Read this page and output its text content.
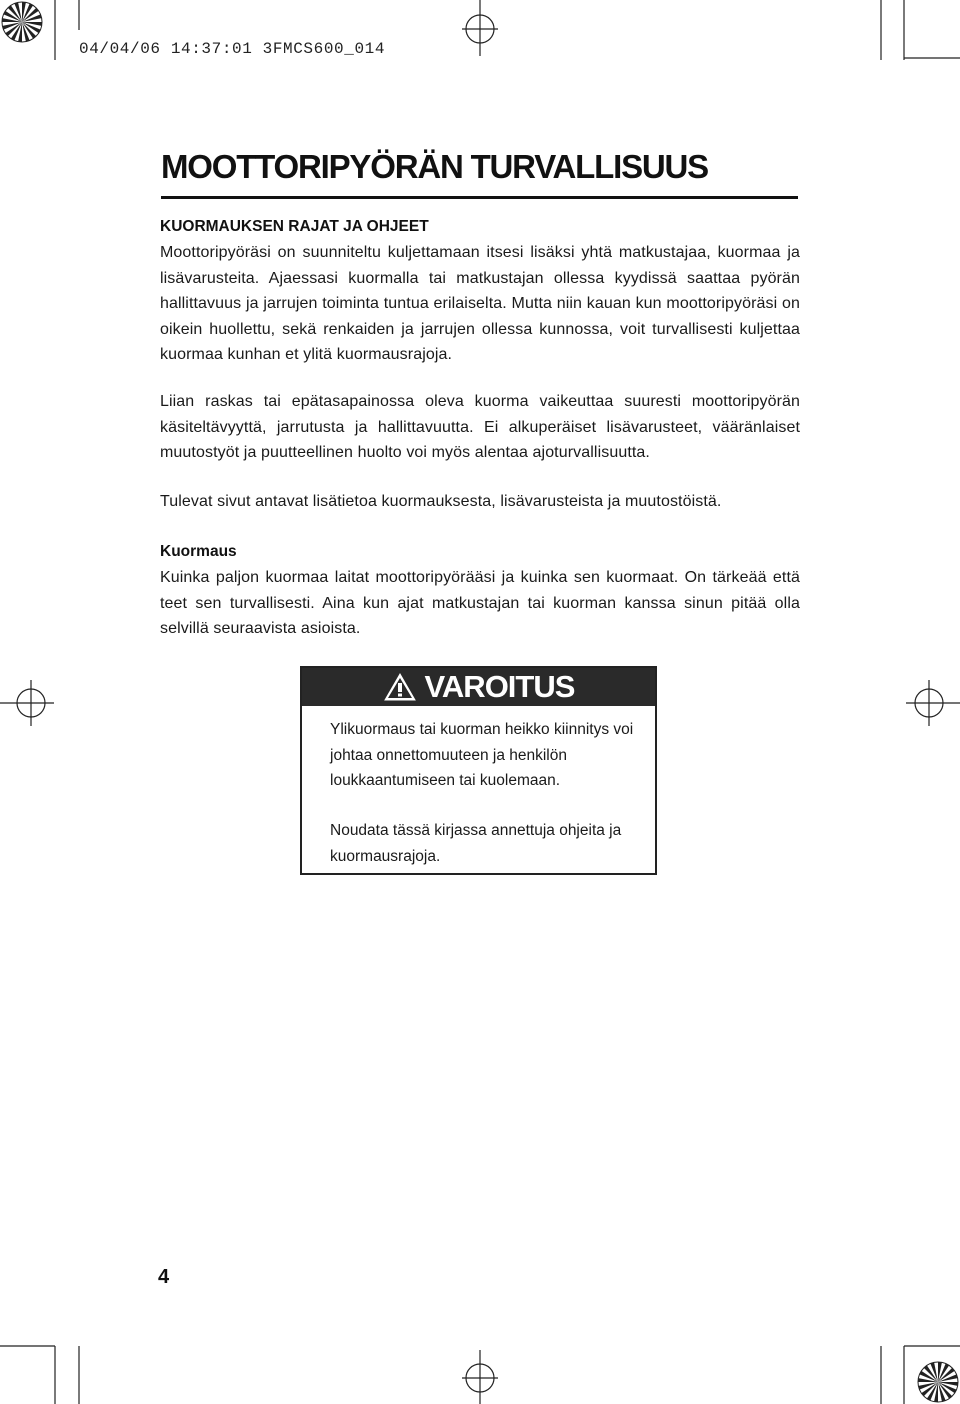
04/04/06 14:37:01 3FMCS600_014
MOOTTORIPYÖRÄN TURVALLISUUS
KUORMAUKSEN RAJAT JA OHJEET

Moottoripyöräsi on suunniteltu kuljettamaan itsesi lisäksi yhtä matkustajaa, kuormaa ja lisävarusteita. Ajaessasi kuormalla tai matkustajan ollessa kyydissä saattaa pyörän hallittavuus ja jarrujen toiminta tuntua erilaiselta. Mutta niin kauan kun moottoripyöräsi on oikein huollettu, sekä renkaiden ja jarrujen ollessa kunnossa, voit turvallisesti kuljettaa kuormaa kunhan et ylitä kuormausrajoja.

Liian raskas tai epätasapainossa oleva kuorma vaikeuttaa suuresti moottoripyörän käsiteltävyyttä, jarrutusta ja hallittavuutta. Ei alkuperäiset lisävarusteet, vääränlaiset muutostyöt ja puutteellinen huolto voi myös alentaa ajoturvallisuutta.

Tulevat sivut antavat lisätietoa kuormauksesta, lisävarusteista ja muutostöistä.

Kuormaus

Kuinka paljon kuormaa laitat moottoripyörääsi ja kuinka sen kuormaat. On tärkeää että teet sen turvallisesti. Aina kun ajat matkustajan tai kuorman kanssa sinun pitää olla selvillä seuraavista asioista.

VAROITUS

Ylikuormaus tai kuorman heikko kiinnitys voi johtaa onnettomuuteen ja henkilön loukkaantumiseen tai kuolemaan.

Noudata tässä kirjassa annettuja ohjeita ja kuormausrajoja.

4
